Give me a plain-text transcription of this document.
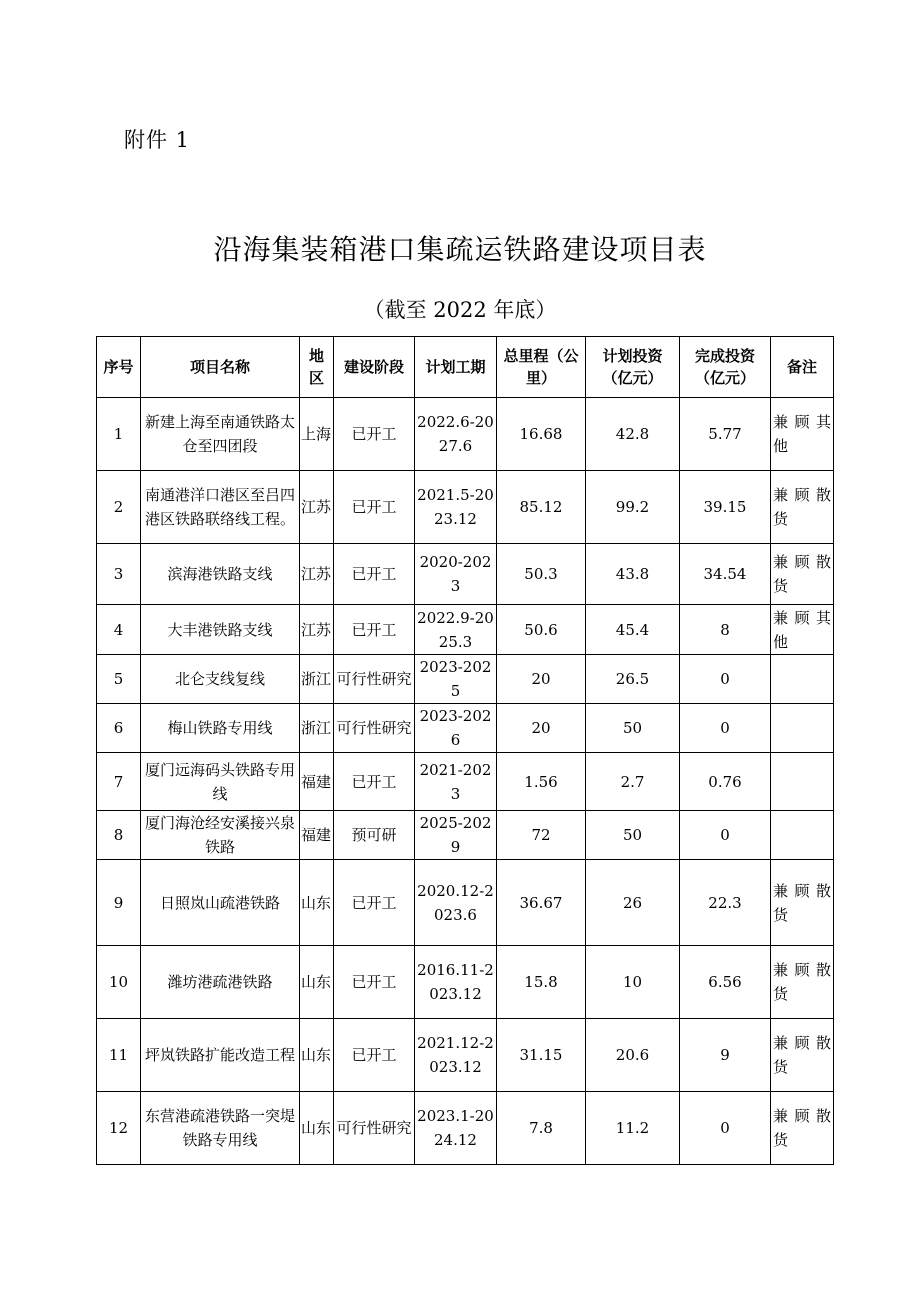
附件 1
沿海集装箱港口集疏运铁路建设项目表
（截至 2022 年底）
序号	项目名称	地区	建设阶段	计划工期	总里程（公里）	计划投资（亿元）	完成投资（亿元）	备注
1	新建上海至南通铁路太仓至四团段	上海	已开工	2022.6-2027.6	16.68	42.8	5.77	兼顾其他
2	南通港洋口港区至吕四港区铁路联络线工程。	江苏	已开工	2021.5-2023.12	85.12	99.2	39.15	兼顾散货
3	滨海港铁路支线	江苏	已开工	2020-2023	50.3	43.8	34.54	兼顾散货
4	大丰港铁路支线	江苏	已开工	2022.9-2025.3	50.6	45.4	8	兼顾其他
5	北仑支线复线	浙江	可行性研究	2023-2025	20	26.5	0	
6	梅山铁路专用线	浙江	可行性研究	2023-2026	20	50	0	
7	厦门远海码头铁路专用线	福建	已开工	2021-2023	1.56	2.7	0.76	
8	厦门海沧经安溪接兴泉铁路	福建	预可研	2025-2029	72	50	0	
9	日照岚山疏港铁路	山东	已开工	2020.12-2023.6	36.67	26	22.3	兼顾散货
10	潍坊港疏港铁路	山东	已开工	2016.11-2023.12	15.8	10	6.56	兼顾散货
11	坪岚铁路扩能改造工程	山东	已开工	2021.12-2023.12	31.15	20.6	9	兼顾散货
12	东营港疏港铁路一突堤铁路专用线	山东	可行性研究	2023.1-2024.12	7.8	11.2	0	兼顾散货
